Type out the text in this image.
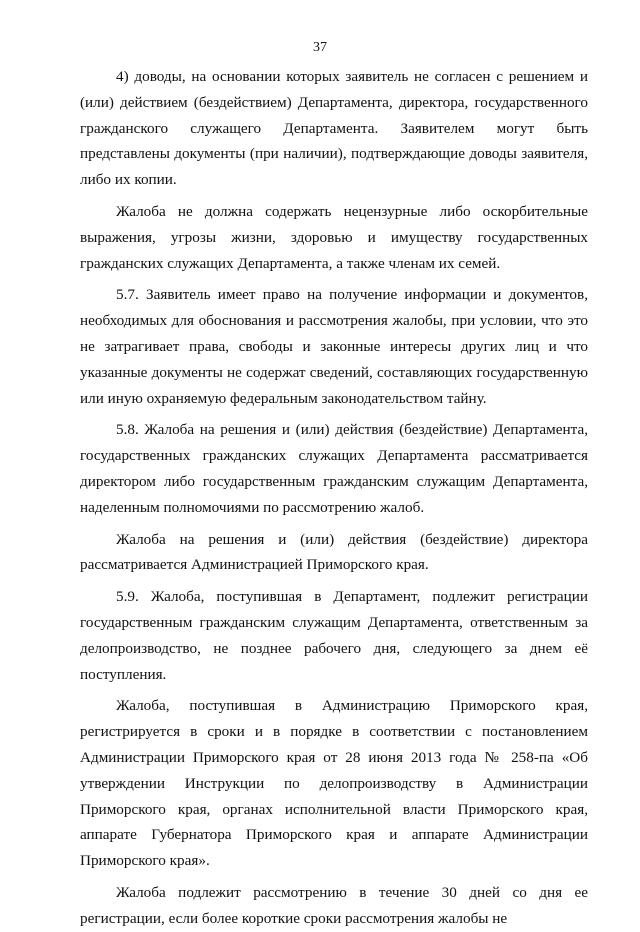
37

4) доводы, на основании которых заявитель не согласен с решением и (или) действием (бездействием) Департамента, директора, государственного гражданского служащего Департамента. Заявителем могут быть представлены документы (при наличии), подтверждающие доводы заявителя, либо их копии.

Жалоба не должна содержать нецензурные либо оскорбительные выражения, угрозы жизни, здоровью и имуществу государственных гражданских служащих Департамента, а также членам их семей.

5.7. Заявитель имеет право на получение информации и документов, необходимых для обоснования и рассмотрения жалобы, при условии, что это не затрагивает права, свободы и законные интересы других лиц и что указанные документы не содержат сведений, составляющих государственную или иную охраняемую федеральным законодательством тайну.

5.8. Жалоба на решения и (или) действия (бездействие) Департамента, государственных гражданских служащих Департамента рассматривается директором либо государственным гражданским служащим Департамента, наделенным полномочиями по рассмотрению жалоб.

Жалоба на решения и (или) действия (бездействие) директора рассматривается Администрацией Приморского края.

5.9. Жалоба, поступившая в Департамент, подлежит регистрации государственным гражданским служащим Департамента, ответственным за делопроизводство, не позднее рабочего дня, следующего за днем её поступления.

Жалоба, поступившая в Администрацию Приморского края, регистрируется в сроки и в порядке в соответствии с постановлением Администрации Приморского края от 28 июня 2013 года № 258-па «Об утверждении Инструкции по делопроизводству в Администрации Приморского края, органах исполнительной власти Приморского края, аппарате Губернатора Приморского края и аппарате Администрации Приморского края».

Жалоба подлежит рассмотрению в течение 30 дней со дня ее регистрации, если более короткие сроки рассмотрения жалобы не
